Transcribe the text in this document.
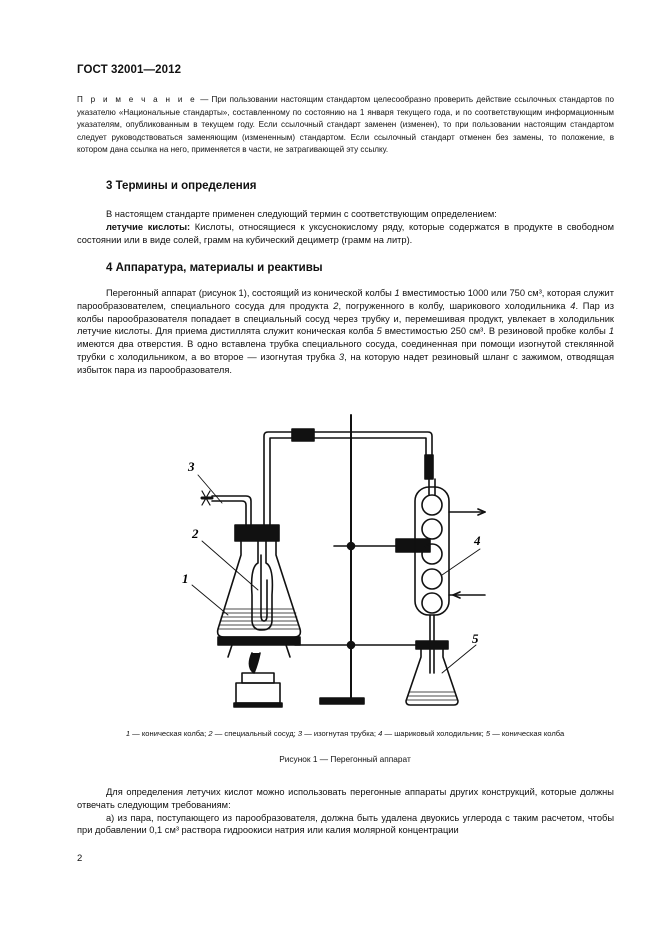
ГОСТ 32001—2012
П р и м е ч а н и е — При пользовании настоящим стандартом целесообразно проверить действие ссылочных стандартов по указателю «Национальные стандарты», составленному по состоянию на 1 января текущего года, и по соответствующим информационным указателям, опубликованным в текущем году. Если ссылочный стандарт заменен (изменен), то при пользовании настоящим стандартом следует руководствоваться заменяющим (измененным) стандартом. Если ссылочный стандарт отменен без замены, то положение, в котором дана ссылка на него, применяется в части, не затрагивающей эту ссылку.
3 Термины и определения

В настоящем стандарте применен следующий термин с соответствующим определением:

летучие кислоты: Кислоты, относящиеся к уксуснокислому ряду, которые содержатся в продукте в свободном состоянии или в виде солей, грамм на кубический дециметр (грамм на литр).

4 Аппаратура, материалы и реактивы

Перегонный аппарат (рисунок 1), состоящий из конической колбы 1 вместимостью 1000 или 750 см³, которая служит парообразователем, специального сосуда для продукта 2, погруженного в колбу, шарикового холодильника 4. Пар из колбы парообразователя попадает в специальный сосуд через трубку и, перемешивая продукт, увлекает в холодильник летучие кислоты. Для приема дистиллята служит коническая колба 5 вместимостью 250 см³. В резиновой пробке колбы 1 имеются два отверстия. В одно вставлена трубка специального сосуда, соединенная при помощи изогнутой стеклянной трубки с холодильником, а во второе — изогнутая трубка 3, на которую надет резиновый шланг с зажимом, отводящая избыток пара из парообразователя.

3
2
1
4
5
1 — коническая колба; 2 — специальный сосуд; 3 — изогнутая трубка; 4 — шариковый холодильник; 5 — коническая колба
Рисунок 1 — Перегонный аппарат

Для определения летучих кислот можно использовать перегонные аппараты других конструкций, которые должны отвечать следующим требованиям:

а) из пара, поступающего из парообразователя, должна быть удалена двуокись углерода с таким расчетом, чтобы при добавлении 0,1 см³ раствора гидроокиси натрия или калия молярной концентрации

2
